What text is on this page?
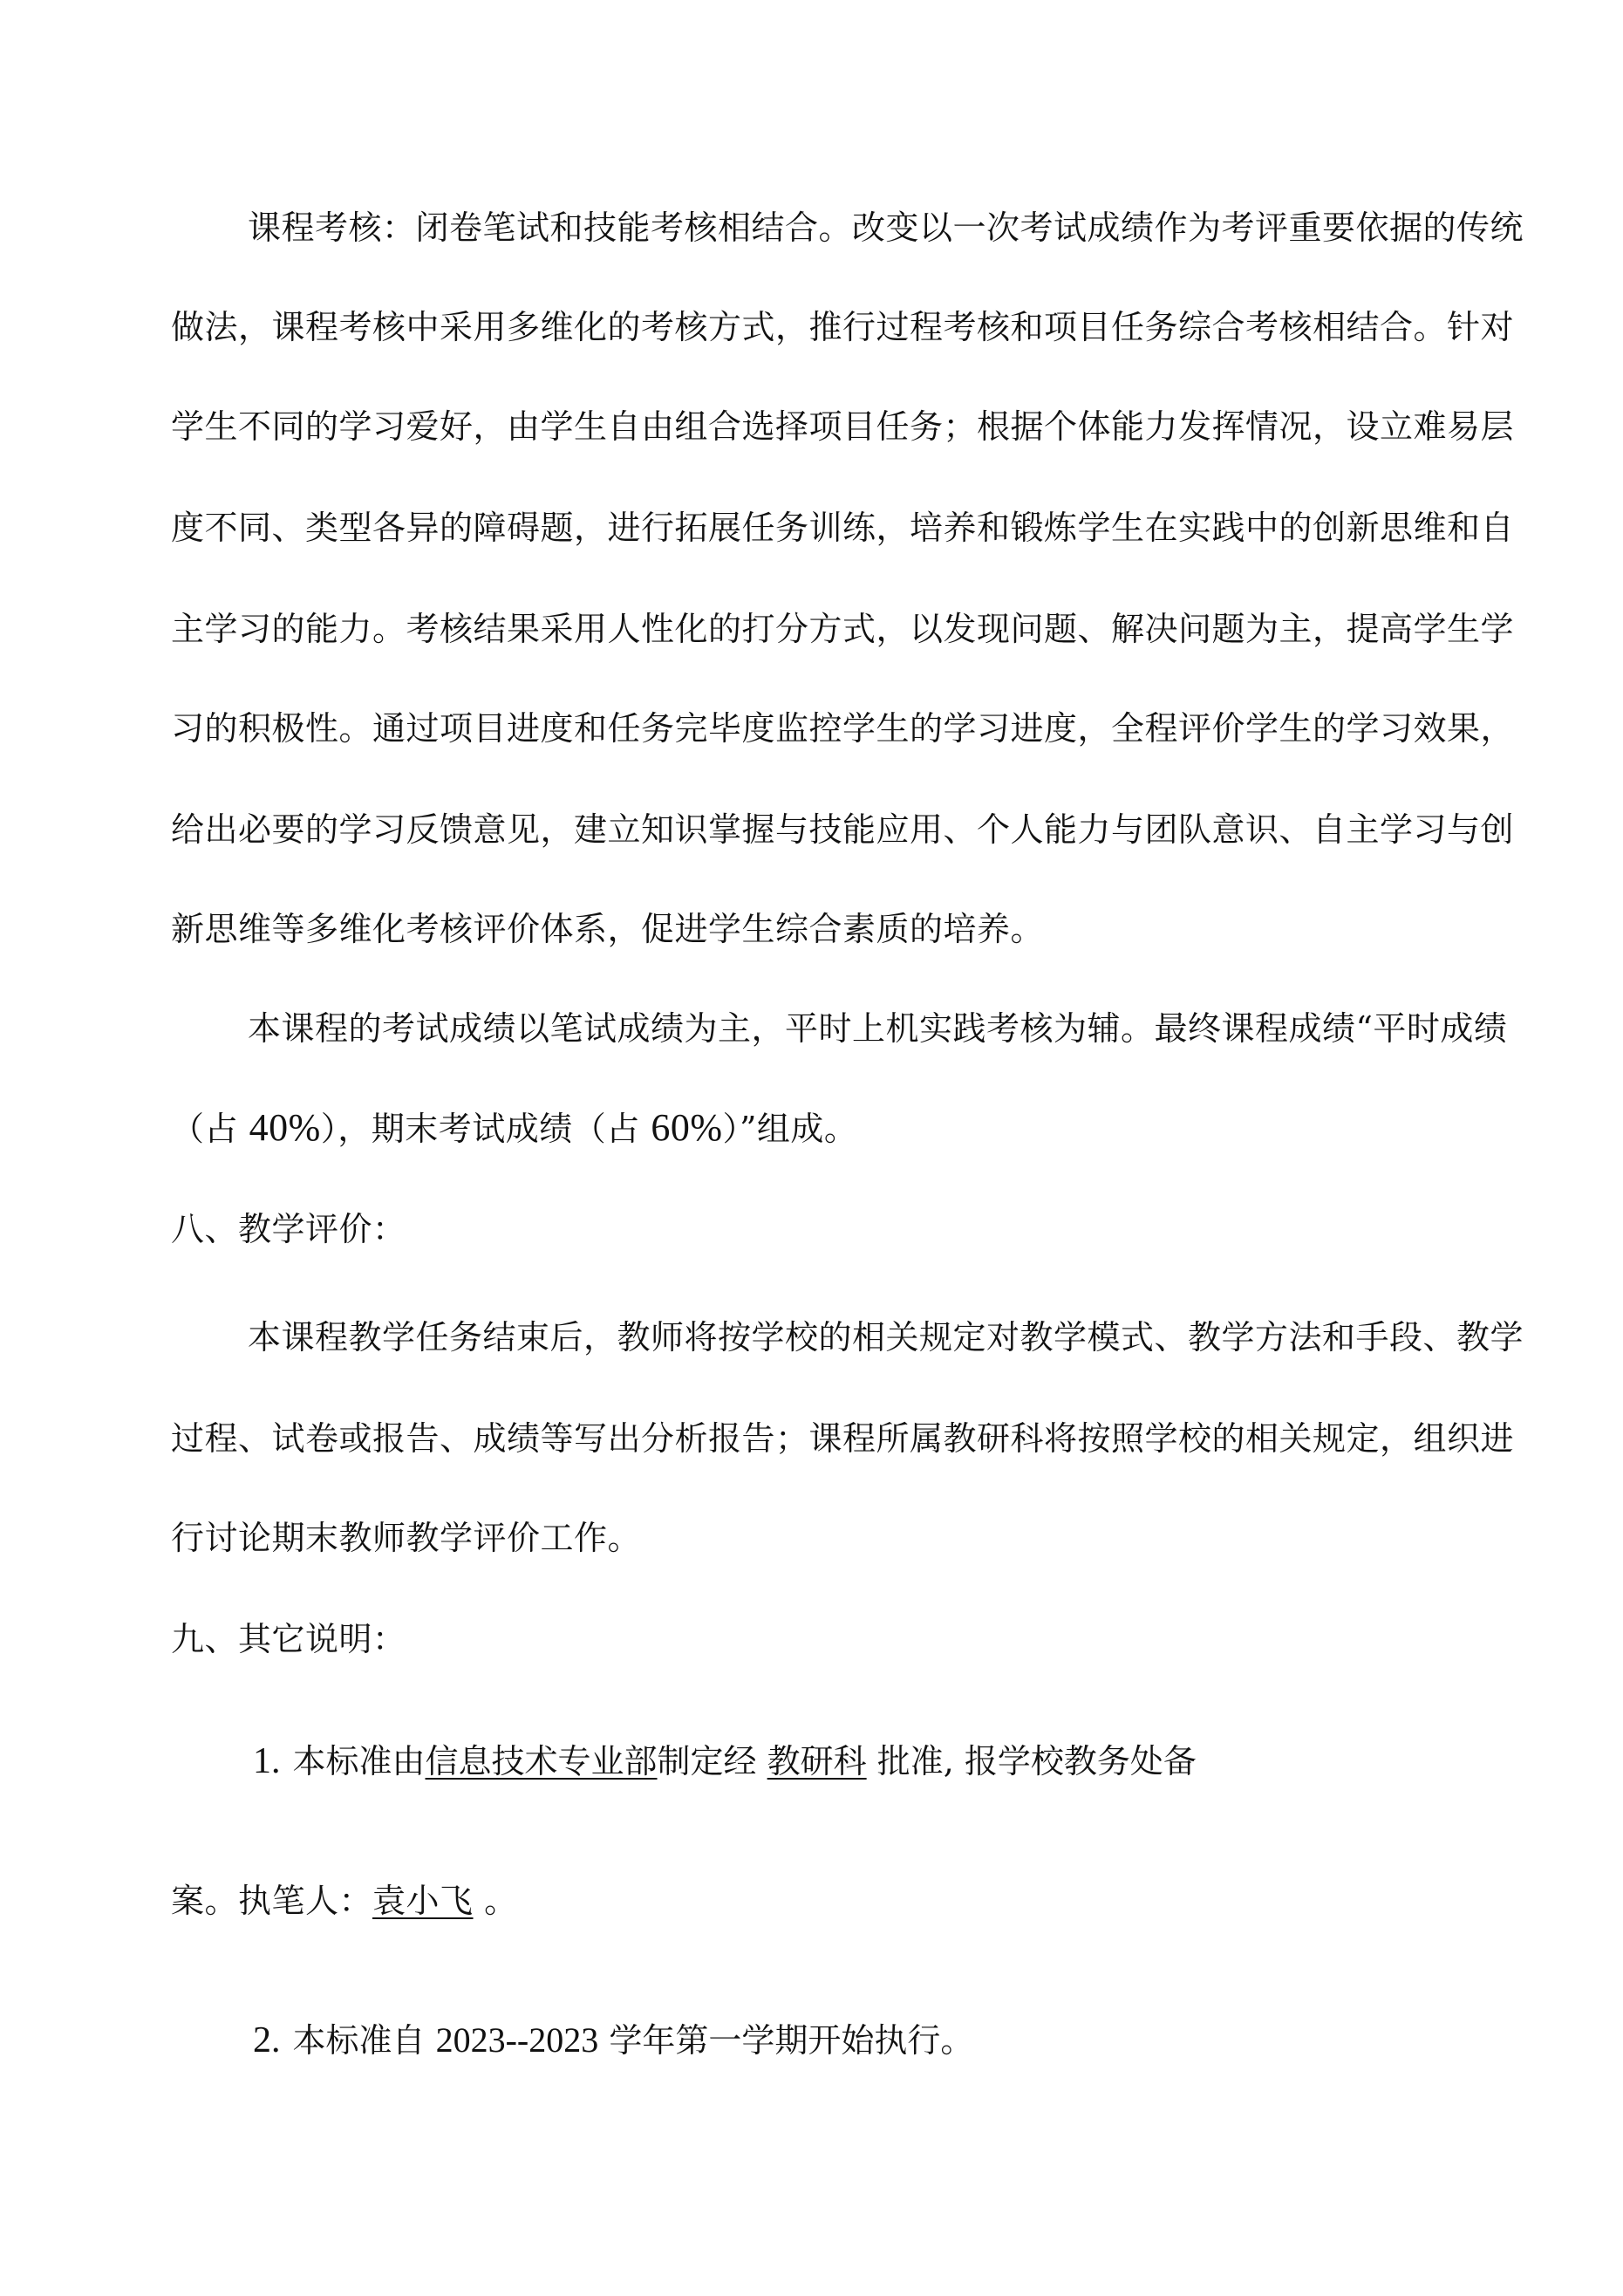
课程考核：闭卷笔试和技能考核相结合。改变以一次考试成绩作为考评重要依据的传统
做法，课程考核中采用多维化的考核方式，推行过程考核和项目任务综合考核相结合。针对
学生不同的学习爱好，由学生自由组合选择项目任务；根据个体能力发挥情况，设立难易层
度不同、类型各异的障碍题，进行拓展任务训练，培养和锻炼学生在实践中的创新思维和自
主学习的能力。考核结果采用人性化的打分方式，以发现问题、解决问题为主，提高学生学
习的积极性。通过项目进度和任务完毕度监控学生的学习进度，全程评价学生的学习效果，
给出必要的学习反馈意见，建立知识掌握与技能应用、个人能力与团队意识、自主学习与创
新思维等多维化考核评价体系，促进学生综合素质的培养。
本课程的考试成绩以笔试成绩为主，平时上机实践考核为辅。最终课程成绩“平时成绩
（占 40%），期末考试成绩（占 60%）”组成。
八、教学评价：
本课程教学任务结束后，教师将按学校的相关规定对教学模式、教学方法和手段、教学
过程、试卷或报告、成绩等写出分析报告；课程所属教研科将按照学校的相关规定，组织进
行讨论期末教师教学评价工作。
九、其它说明：
1. 本标准由信息技术专业部制定经 教研科 批准, 报学校教务处备
案。执笔人：袁小飞 。
2. 本标准自 2023--2023 学年第一学期开始执行。
